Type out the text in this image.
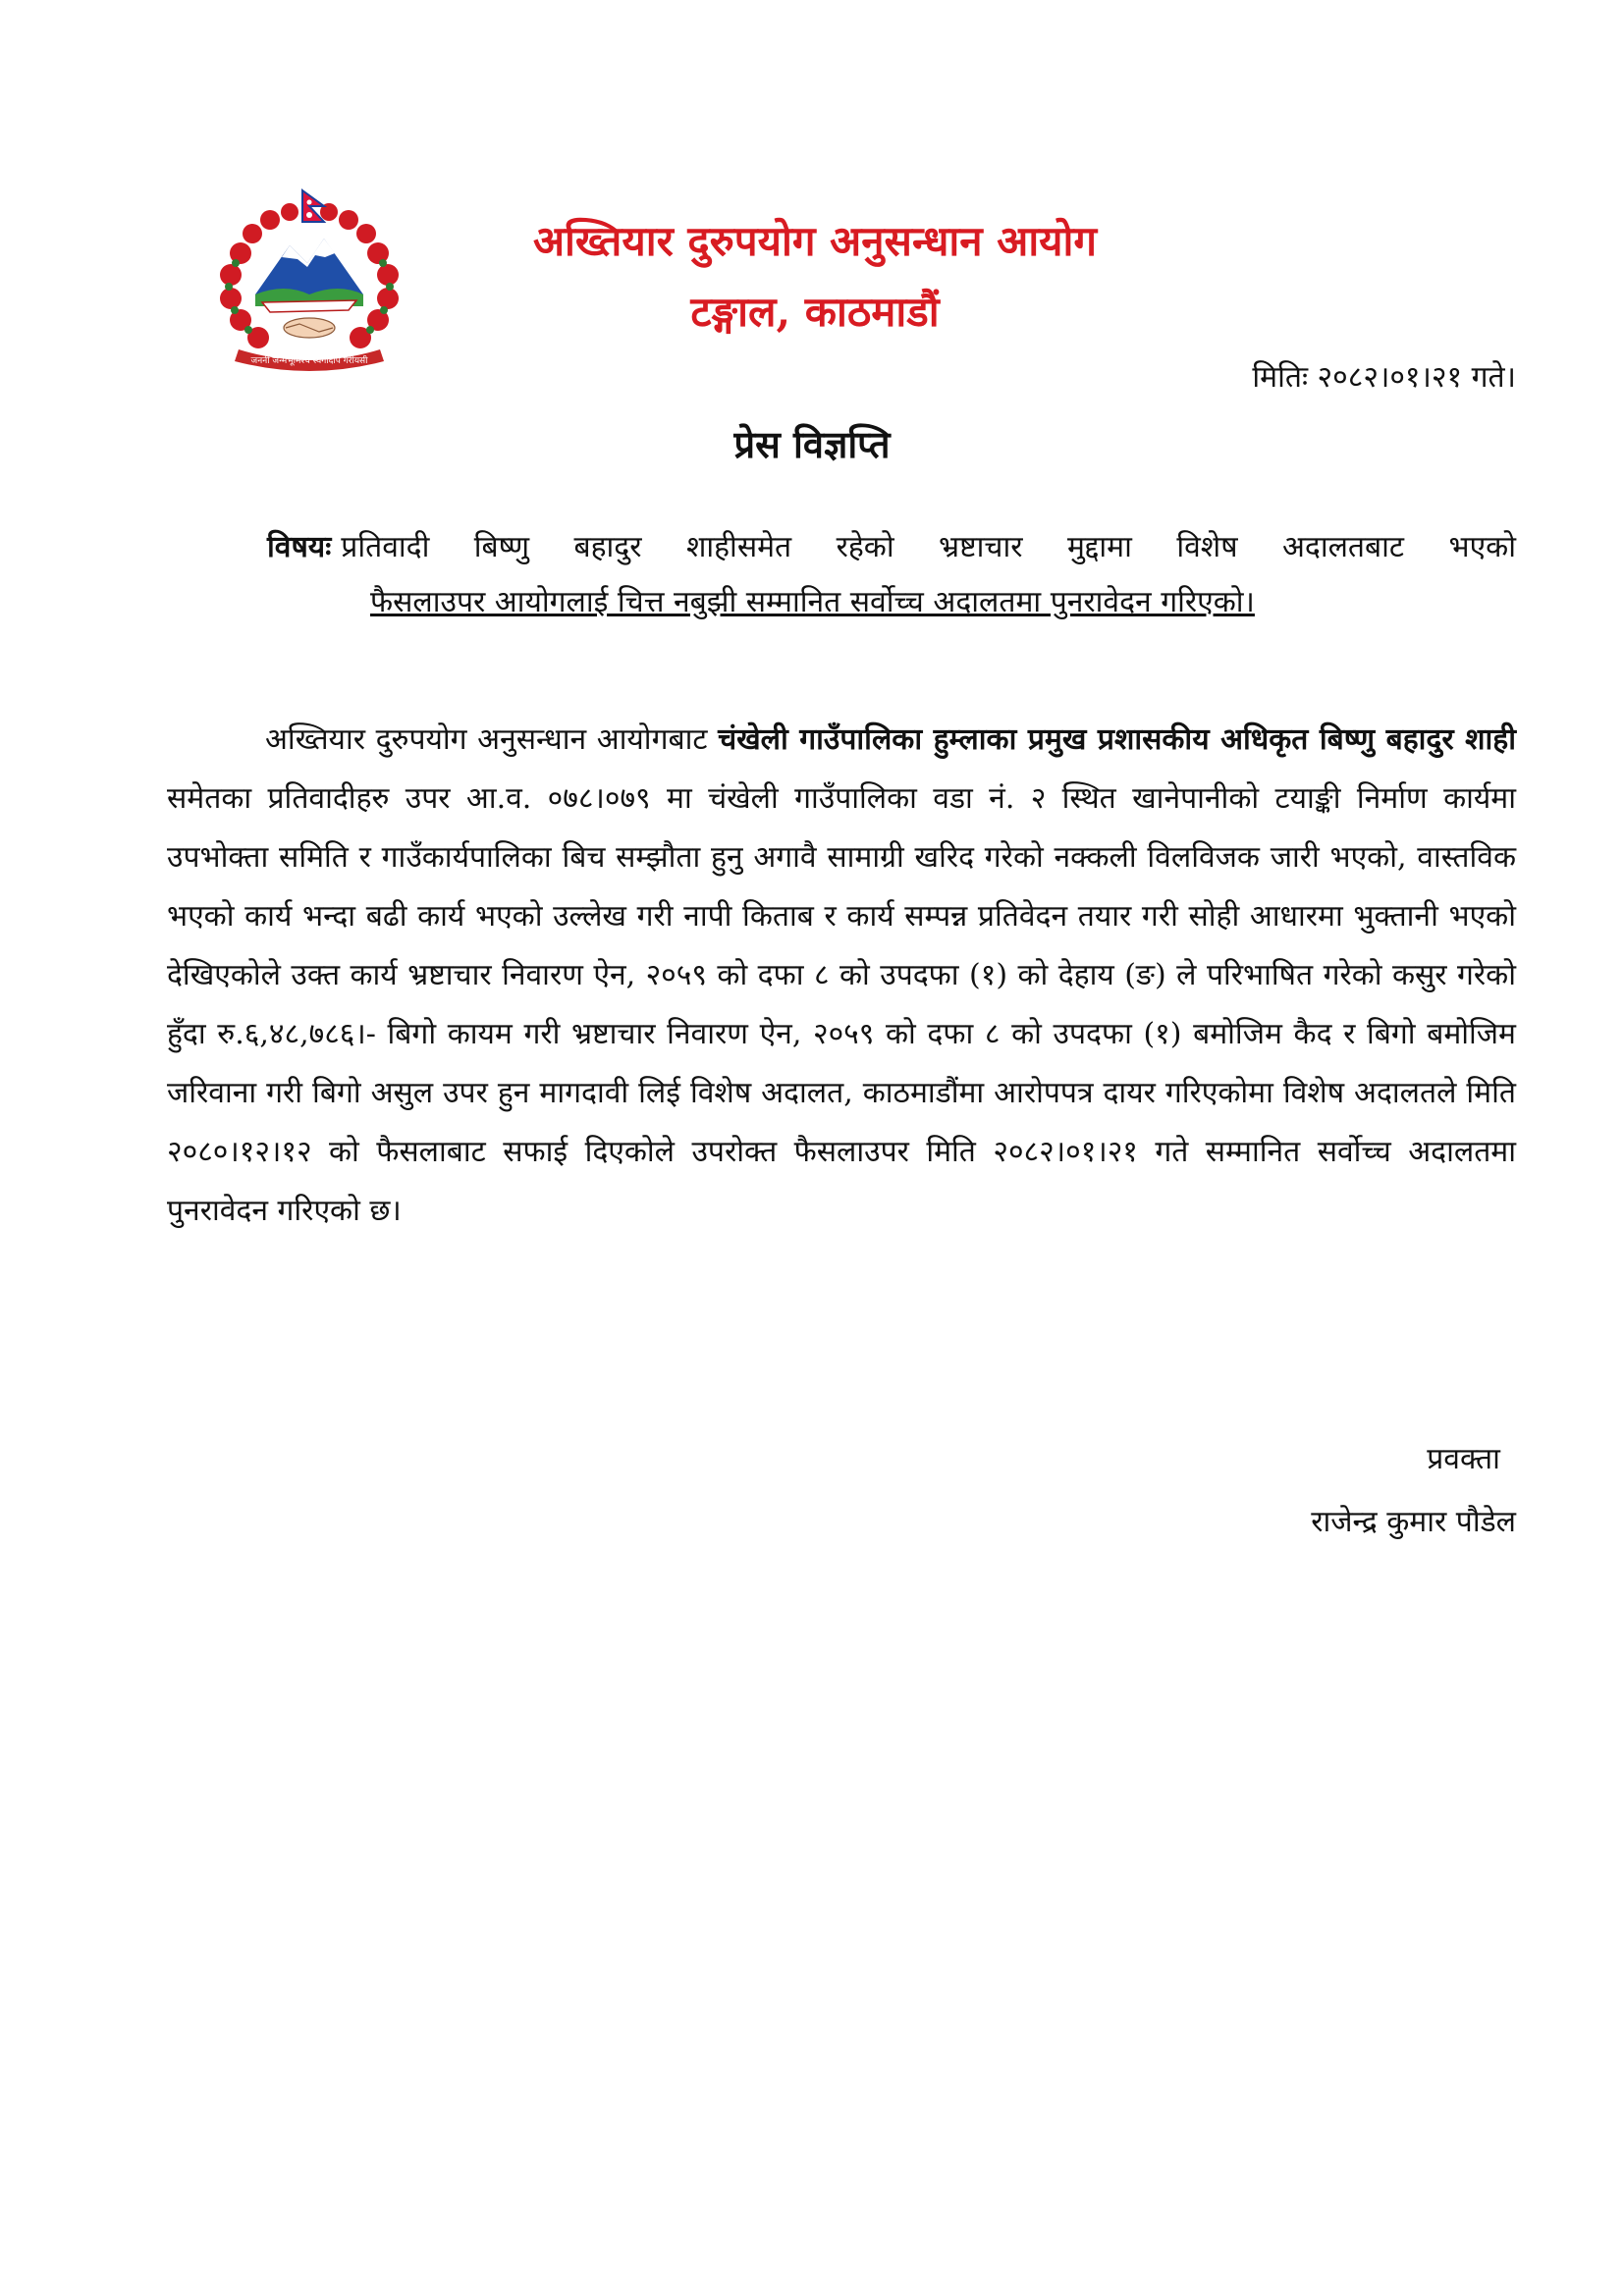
जननी जन्मभूमिश्च स्वर्गादपि गरीयसी
अख्तियार दुरुपयोग अनुसन्धान आयोग
टङ्गाल, काठमाडौं
मितिः २०८२।०१।२१ गते।
प्रेस विज्ञप्ति
विषयः प्रतिवादी बिष्णु बहादुर शाहीसमेत रहेको भ्रष्टाचार मुद्दामा विशेष अदालतबाट भएको
फैसलाउपर आयोगलाई चित्त नबुझी सम्मानित सर्वोच्च अदालतमा पुनरावेदन गरिएको।

अख्तियार दुरुपयोग अनुसन्धान आयोगबाट चंखेली गाउँपालिका हुम्लाका प्रमुख प्रशासकीय अधिकृत बिष्णु बहादुर शाही समेतका प्रतिवादीहरु उपर आ.व. ०७८।०७९ मा चंखेली गाउँपालिका वडा नं. २ स्थित खानेपानीको टयाङ्की निर्माण कार्यमा उपभोक्ता समिति र गाउँकार्यपालिका बिच सम्झौता हुनु अगावै सामाग्री खरिद गरेको नक्कली विलविजक जारी भएको, वास्तविक भएको कार्य भन्दा बढी कार्य भएको उल्लेख गरी नापी किताब र कार्य सम्पन्न प्रतिवेदन तयार गरी सोही आधारमा भुक्तानी भएको देखिएकोले उक्त कार्य भ्रष्टाचार निवारण ऐन, २०५९ को दफा ८ को उपदफा (१) को देहाय (ङ) ले परिभाषित गरेको कसुर गरेको हुँदा रु.६,४८,७८६।- बिगो कायम गरी भ्रष्टाचार निवारण ऐन, २०५९ को दफा ८ को उपदफा (१) बमोजिम कैद र बिगो बमोजिम जरिवाना गरी बिगो असुल उपर हुन मागदावी लिई विशेष अदालत, काठमाडौंमा आरोपपत्र दायर गरिएकोमा विशेष अदालतले मिति २०८०।१२।१२ को फैसलाबाट सफाई दिएकोले उपरोक्त फैसलाउपर मिति २०८२।०१।२१ गते सम्मानित सर्वोच्च अदालतमा पुनरावेदन गरिएको छ।

प्रवक्ता
राजेन्द्र कुमार पौडेल
